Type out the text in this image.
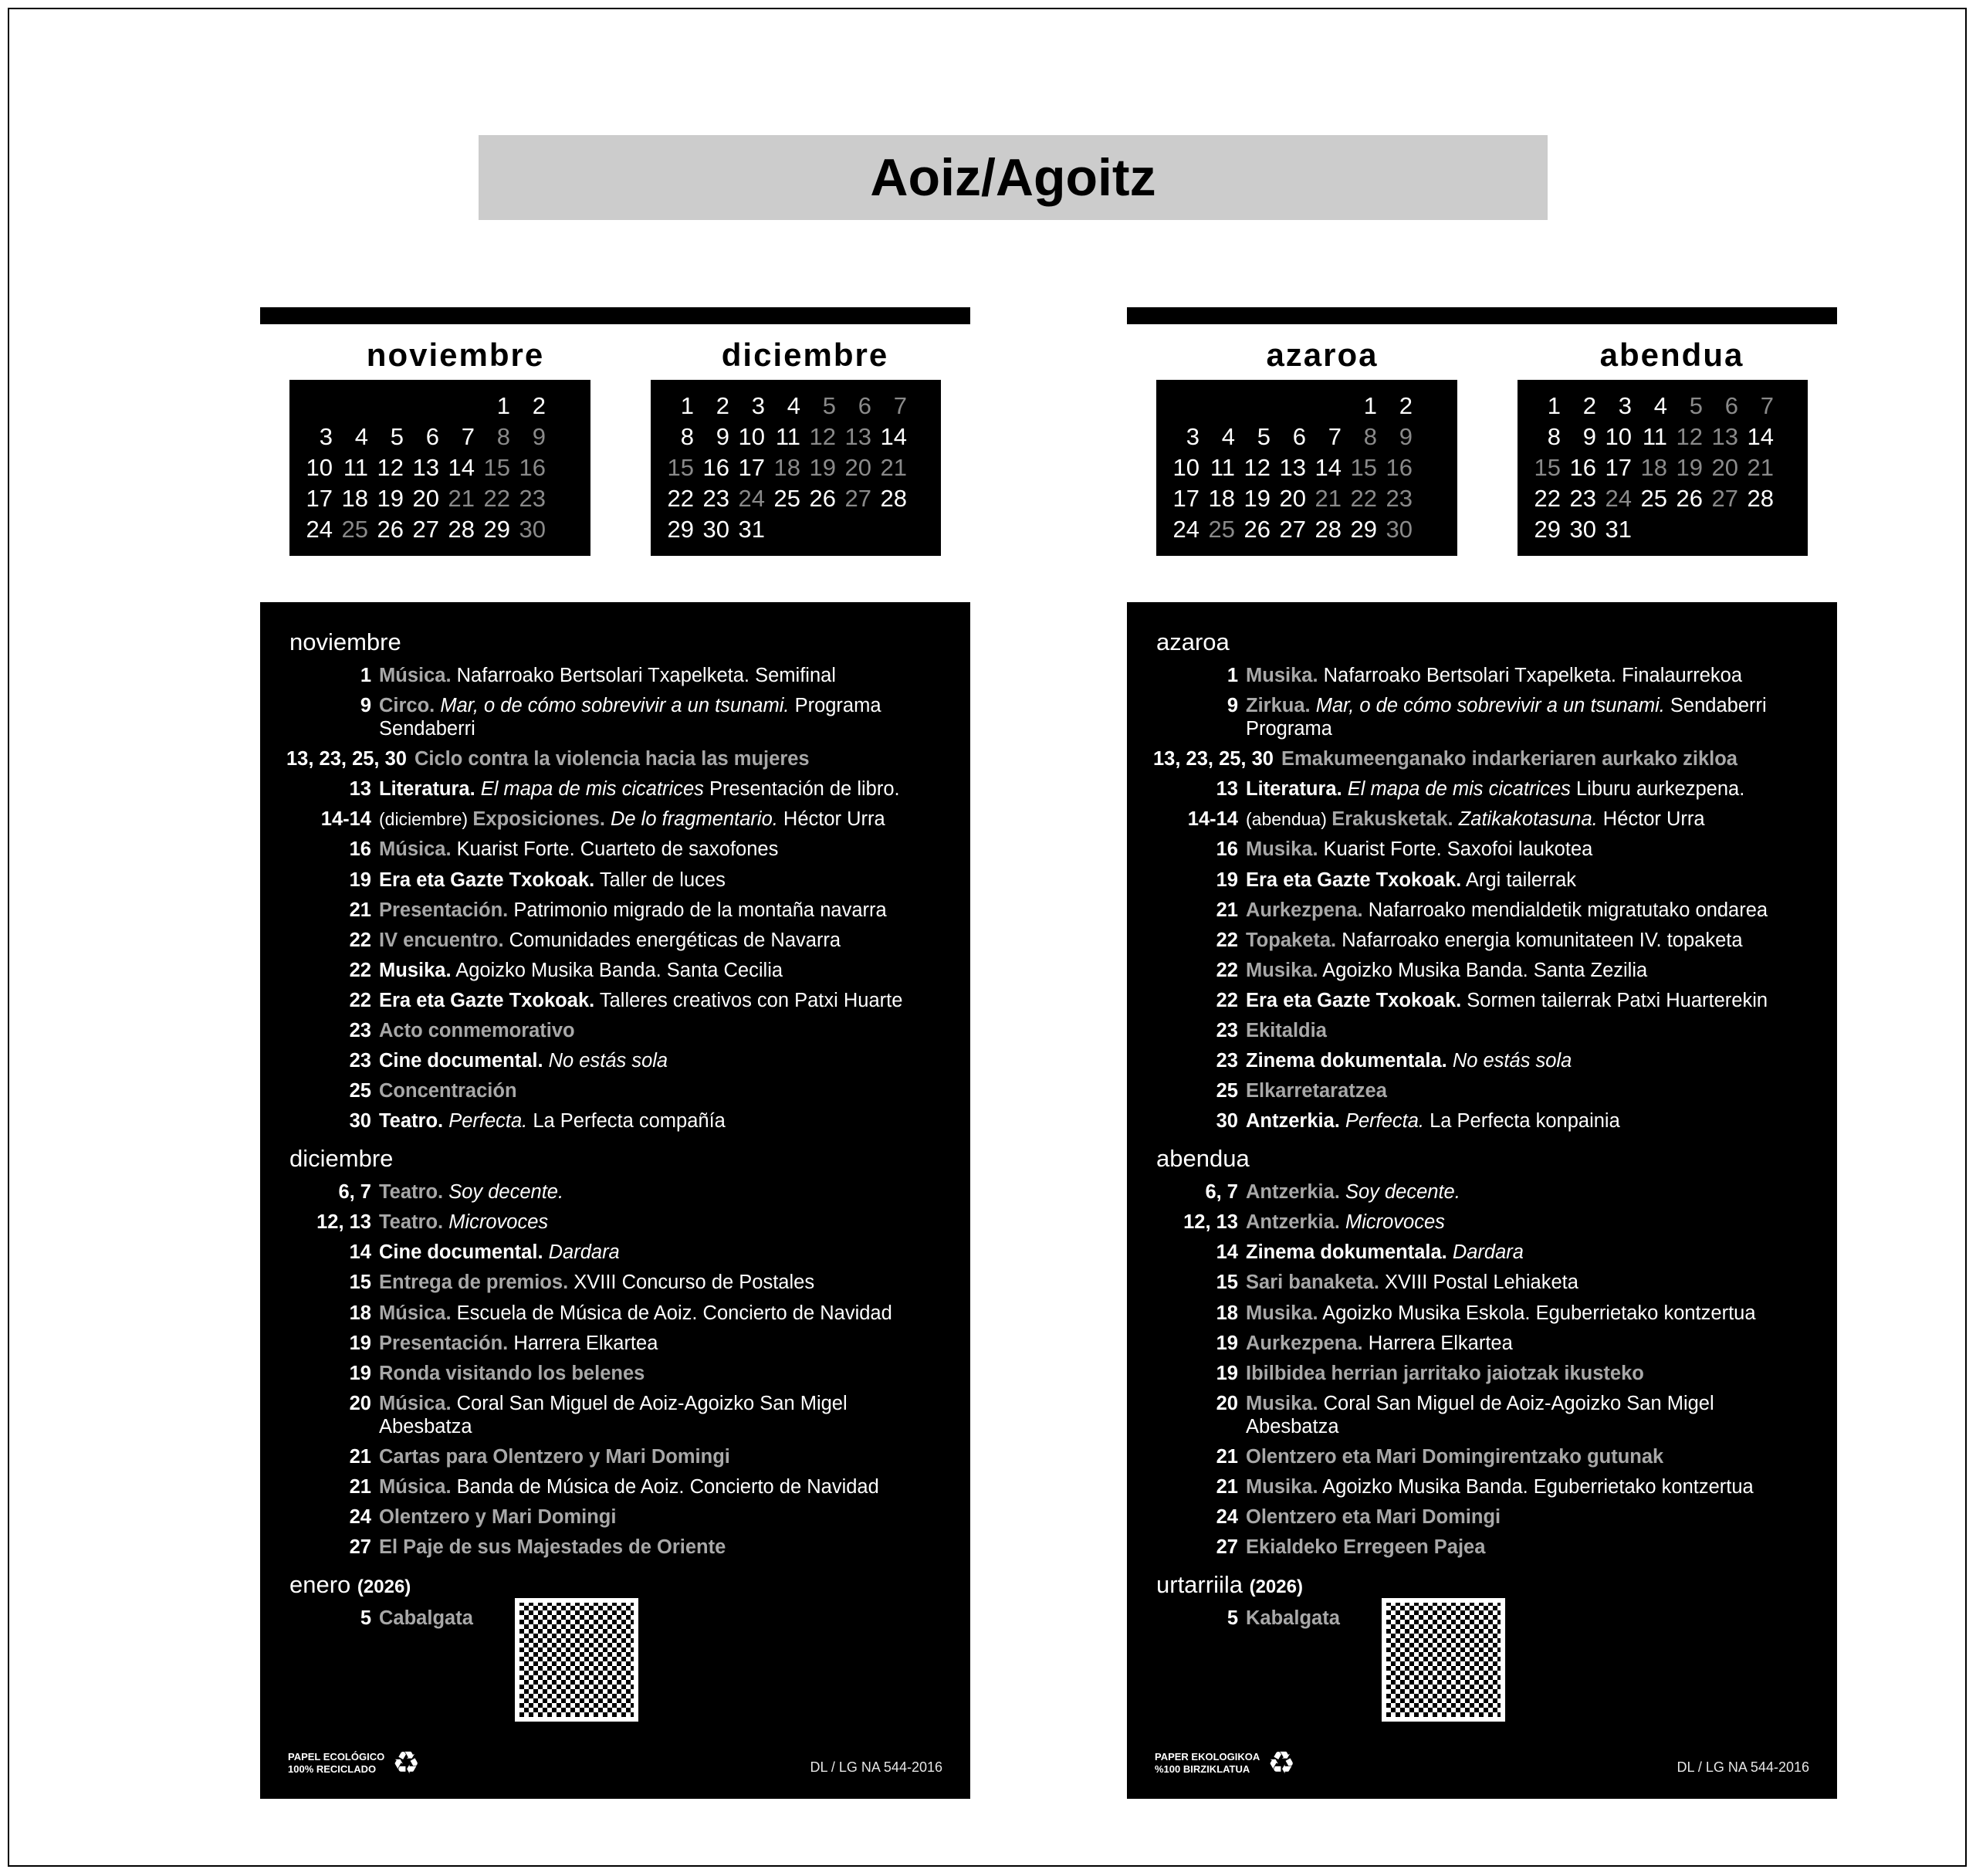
Aoiz/Agoitz
noviembre
1 2
3 4 5 6 7 8 9
10 11 12 13 14 15 16
17 18 19 20 21 22 23
24 25 26 27 28 29 30
diciembre
1 2 3 4 5 6 7
8 9 10 11 12 13 14
15 16 17 18 19 20 21
22 23 24 25 26 27 28
29 30 31
noviembre
1 Música. Nafarroako Bertsolari Txapelketa. Semifinal
9 Circo. Mar, o de cómo sobrevivir a un tsunami. Programa Sendaberri
13, 23, 25, 30 Ciclo contra la violencia hacia las mujeres
13 Literatura. El mapa de mis cicatrices Presentación de libro.
14-14 (diciembre) Exposiciones. De lo fragmentario. Héctor Urra
16 Música. Kuarist Forte. Cuarteto de saxofones
19 Era eta Gazte Txokoak. Taller de luces
21 Presentación. Patrimonio migrado de la montaña navarra
22 IV encuentro. Comunidades energéticas de Navarra
22 Musika. Agoizko Musika Banda. Santa Cecilia
22 Era eta Gazte Txokoak. Talleres creativos con Patxi Huarte
23 Acto conmemorativo
23 Cine documental. No estás sola
25 Concentración
30 Teatro. Perfecta. La Perfecta compañía
diciembre
6, 7 Teatro. Soy decente.
12, 13 Teatro. Microvoces
14 Cine documental. Dardara
15 Entrega de premios. XVIII Concurso de Postales
18 Música. Escuela de Música de Aoiz. Concierto de Navidad
19 Presentación. Harrera Elkartea
19 Ronda visitando los belenes
20 Música. Coral San Miguel de Aoiz-Agoizko San Migel Abesbatza
21 Cartas para Olentzero y Mari Domingi
21 Música. Banda de Música de Aoiz. Concierto de Navidad
24 Olentzero y Mari Domingi
27 El Paje de sus Majestades de Oriente
enero (2026)
5 Cabalgata
PAPEL ECOLÓGICO
100% RECICLADO ♻	DL / LG NA 544-2016
azaroa
1 2
3 4 5 6 7 8 9
10 11 12 13 14 15 16
17 18 19 20 21 22 23
24 25 26 27 28 29 30
abendua
1 2 3 4 5 6 7
8 9 10 11 12 13 14
15 16 17 18 19 20 21
22 23 24 25 26 27 28
29 30 31
azaroa
1 Musika. Nafarroako Bertsolari Txapelketa. Finalaurrekoa
9 Zirkua. Mar, o de cómo sobrevivir a un tsunami. Sendaberri Programa
13, 23, 25, 30 Emakumeenganako indarkeriaren aurkako zikloa
13 Literatura. El mapa de mis cicatrices Liburu aurkezpena.
14-14 (abendua) Erakusketak. Zatikakotasuna. Héctor Urra
16 Musika. Kuarist Forte. Saxofoi laukotea
19 Era eta Gazte Txokoak. Argi tailerrak
21 Aurkezpena. Nafarroako mendialdetik migratutako ondarea
22 Topaketa. Nafarroako energia komunitateen IV. topaketa
22 Musika. Agoizko Musika Banda. Santa Zezilia
22 Era eta Gazte Txokoak. Sormen tailerrak Patxi Huarterekin
23 Ekitaldia
23 Zinema dokumentala. No estás sola
25 Elkarretaratzea
30 Antzerkia. Perfecta. La Perfecta konpainia
abendua
6, 7 Antzerkia. Soy decente.
12, 13 Antzerkia. Microvoces
14 Zinema dokumentala. Dardara
15 Sari banaketa. XVIII Postal Lehiaketa
18 Musika. Agoizko Musika Eskola. Eguberrietako kontzertua
19 Aurkezpena. Harrera Elkartea
19 Ibilbidea herrian jarritako jaiotzak ikusteko
20 Musika. Coral San Miguel de Aoiz-Agoizko San Migel Abesbatza
21 Olentzero eta Mari Domingirentzako gutunak
21 Musika. Agoizko Musika Banda. Eguberrietako kontzertua
24 Olentzero eta Mari Domingi
27 Ekialdeko Erregeen Pajea
urtarriila (2026)
5 Kabalgata
PAPER EKOLOGIKOA
%100 BIRZIKLATUA ♻	DL / LG NA 544-2016
